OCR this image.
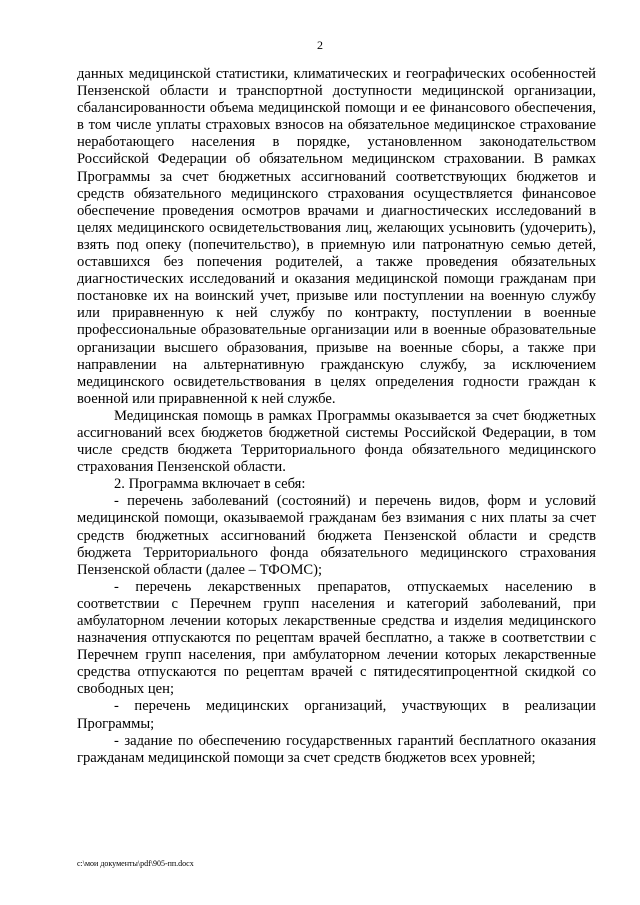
2

данных медицинской статистики, климатических и географических особенностей Пензенской области и транспортной доступности медицинской организации, сбалансированности объема медицинской помощи и ее финансового обеспечения, в том числе уплаты страховых взносов на обязательное медицинское страхование неработающего населения в порядке, установленном законодательством Российской Федерации об обязательном медицинском страховании. В рамках Программы за счет бюджетных ассигнований соответствующих бюджетов и средств обязательного медицинского страхования осуществляется финансовое обеспечение проведения осмотров врачами и диагностических исследований в целях медицинского освидетельствования лиц, желающих усыновить (удочерить), взять под опеку (попечительство), в приемную или патронатную семью детей, оставшихся без попечения родителей, а также проведения обязательных диагностических исследований и оказания медицинской помощи гражданам при постановке их на воинский учет, призыве или поступлении на военную службу или приравненную к ней службу по контракту, поступлении в военные профессиональные образовательные организации или в военные образовательные организации высшего образования, призыве на военные сборы, а также при направлении на альтернативную гражданскую службу, за исключением медицинского освидетельствования в целях определения годности граждан к военной или приравненной к ней службе.

Медицинская помощь в рамках Программы оказывается за счет бюджетных ассигнований всех бюджетов бюджетной системы Российской Федерации, в том числе средств бюджета Территориального фонда обязательного медицинского страхования Пензенской области.

2. Программа включает в себя:

- перечень заболеваний (состояний) и перечень видов, форм и условий медицинской помощи, оказываемой гражданам без взимания с них платы за счет средств бюджетных ассигнований бюджета Пензенской области и средств бюджета Территориального фонда обязательного медицинского страхования Пензенской области (далее – ТФОМС);

- перечень лекарственных препаратов, отпускаемых населению в соответствии с Перечнем групп населения и категорий заболеваний, при амбулаторном лечении которых лекарственные средства и изделия медицинского назначения отпускаются по рецептам врачей бесплатно, а также в соответствии с Перечнем групп населения, при амбулаторном лечении которых лекарственные средства отпускаются по рецептам врачей с пятидесятипроцентной скидкой со свободных цен;

- перечень медицинских организаций, участвующих в реализации Программы;

- задание по обеспечению государственных гарантий бесплатного оказания гражданам медицинской помощи за счет средств бюджетов всех уровней;

c:\мои документы\pdf\905-пп.docx
